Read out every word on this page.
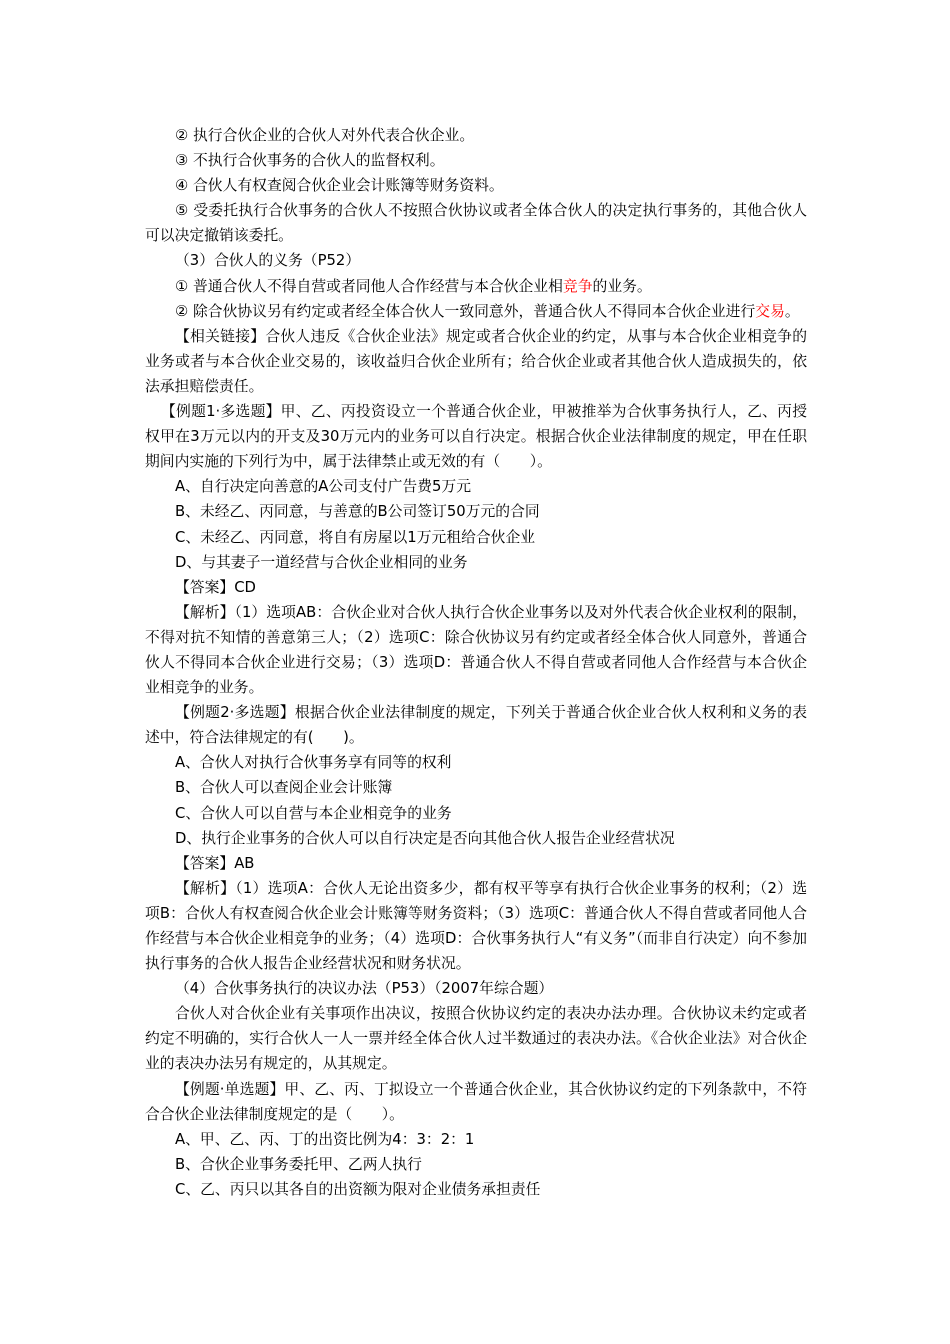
② 执行合伙企业的合伙人对外代表合伙企业。

③ 不执行合伙事务的合伙人的监督权利。

④ 合伙人有权查阅合伙企业会计账簿等财务资料。

⑤ 受委托执行合伙事务的合伙人不按照合伙协议或者全体合伙人的决定执行事务的，其他合伙人可以决定撤销该委托。

（3）合伙人的义务（P52）

① 普通合伙人不得自营或者同他人合作经营与本合伙企业相竞争的业务。

② 除合伙协议另有约定或者经全体合伙人一致同意外，普通合伙人不得同本合伙企业进行交易。

【相关链接】合伙人违反《合伙企业法》规定或者合伙企业的约定，从事与本合伙企业相竞争的业务或者与本合伙企业交易的，该收益归合伙企业所有；给合伙企业或者其他合伙人造成损失的，依法承担赔偿责任。

【例题1·多选题】甲、乙、丙投资设立一个普通合伙企业，甲被推举为合伙事务执行人，乙、丙授权甲在3万元以内的开支及30万元内的业务可以自行决定。根据合伙企业法律制度的规定，甲在任职期间内实施的下列行为中，属于法律禁止或无效的有（　　）。

A、自行决定向善意的A公司支付广告费5万元

B、未经乙、丙同意，与善意的B公司签订50万元的合同

C、未经乙、丙同意，将自有房屋以1万元租给合伙企业

D、与其妻子一道经营与合伙企业相同的业务

【答案】CD

【解析】（1）选项AB：合伙企业对合伙人执行合伙企业事务以及对外代表合伙企业权利的限制，不得对抗不知情的善意第三人；（2）选项C：除合伙协议另有约定或者经全体合伙人同意外，普通合伙人不得同本合伙企业进行交易；（3）选项D：普通合伙人不得自营或者同他人合作经营与本合伙企业相竞争的业务。

【例题2·多选题】根据合伙企业法律制度的规定，下列关于普通合伙企业合伙人权利和义务的表述中，符合法律规定的有(　　)。

A、合伙人对执行合伙事务享有同等的权利

B、合伙人可以查阅企业会计账簿

C、合伙人可以自营与本企业相竞争的业务

D、执行企业事务的合伙人可以自行决定是否向其他合伙人报告企业经营状况

【答案】AB

【解析】（1）选项A：合伙人无论出资多少，都有权平等享有执行合伙企业事务的权利；（2）选项B：合伙人有权查阅合伙企业会计账簿等财务资料；（3）选项C：普通合伙人不得自营或者同他人合作经营与本合伙企业相竞争的业务；（4）选项D：合伙事务执行人“有义务”（而非自行决定）向不参加执行事务的合伙人报告企业经营状况和财务状况。

（4）合伙事务执行的决议办法（P53）（2007年综合题）

合伙人对合伙企业有关事项作出决议，按照合伙协议约定的表决办法办理。合伙协议未约定或者约定不明确的，实行合伙人一人一票并经全体合伙人过半数通过的表决办法。《合伙企业法》对合伙企业的表决办法另有规定的，从其规定。

【例题·单选题】甲、乙、丙、丁拟设立一个普通合伙企业，其合伙协议约定的下列条款中，不符合合伙企业法律制度规定的是（　　）。

A、甲、乙、丙、丁的出资比例为4：3：2：1

B、合伙企业事务委托甲、乙两人执行

C、乙、丙只以其各自的出资额为限对企业债务承担责任
